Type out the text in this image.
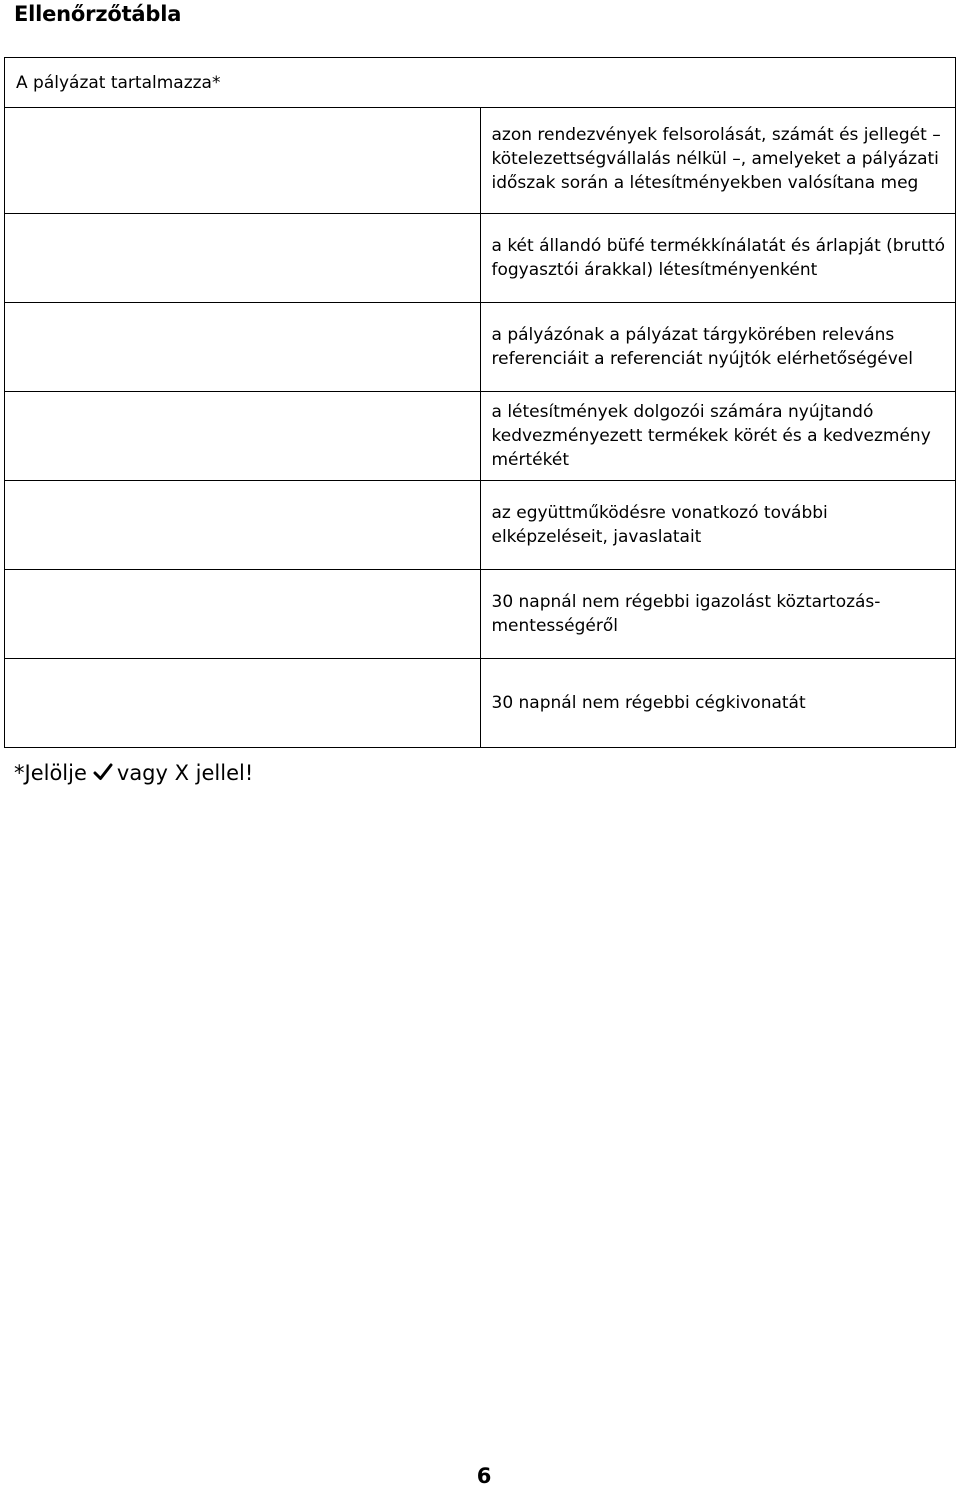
Ellenőrzőtábla
A pályázat tartalmazza*	
	azon rendezvények felsorolását, számát és jellegét – kötelezettségvállalás nélkül –, amelyeket a pályázati időszak során a létesítményekben valósítana meg
	a két állandó büfé termékkínálatát és árlapját (bruttó fogyasztói árakkal) létesítményenként
	a pályázónak a pályázat tárgykörében releváns referenciáit a referenciát nyújtók elérhetőségével
	a létesítmények dolgozói számára nyújtandó kedvezményezett termékek körét és a kedvezmény mértékét
	az együttműködésre vonatkozó további elképzeléseit, javaslatait
	30 napnál nem régebbi igazolást köztartozás-mentességéről
	30 napnál nem régebbi cégkivonatát
*Jelölje vagy X jellel!
6
